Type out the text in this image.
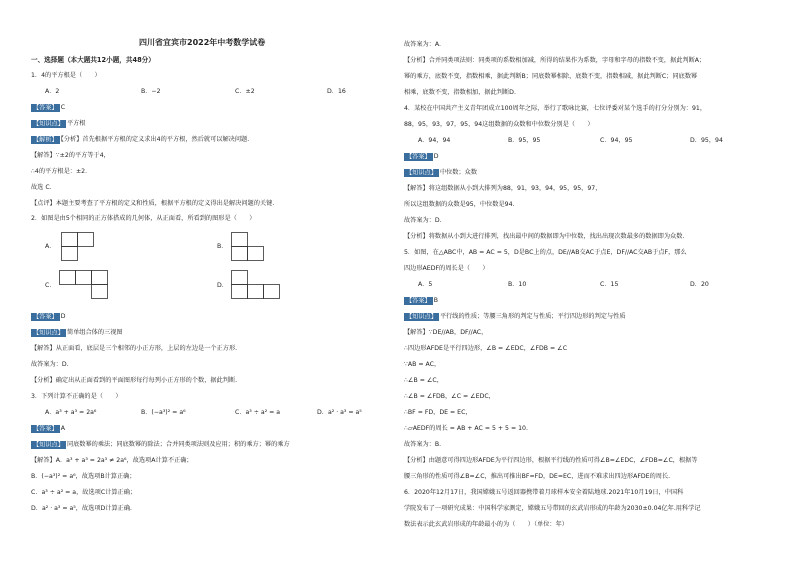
四川省宜宾市2022年中考数学试卷
一、选择题（本大题共12小题，共48分）
1．4的平方根是（　　）
A．2	B．−2	C．±2	D．16
【答案】 C
【知识点】 平方根
【解析】 【分析】首先根据平方根的定义求出4的平方根，然后就可以解决问题.
【解答】∵±2的平方等于4，
∴4的平方根是：±2．
故选 C．
【点评】本题主要考查了平方根的定义和性质，根据平方根的定义得出是解决问题的关键.
2．如图是由5个相同的正方体搭成的几何体，从正面看，所看到的图形是（　　）
A．	B．
C．	D．
【答案】 D
【知识点】 简单组合体的三视图
【解答】从正面看，底层是三个相邻的小正方形，上层的左边是一个正方形.
故答案为：D.
【分析】确定出从正面看到的平面图形每行每列小正方形的个数，据此判断.
3．下列计算不正确的是（　　）
A．a³ + a³ = 2a⁶	B．(−a³)² = a⁶	C．a³ ÷ a² = a	D．a² · a³ = a⁵
【答案】 A
【知识点】 同底数幂的乘法；同底数幂的除法；合并同类项法则及应用；积的乘方；幂的乘方
【解答】A．a³ + a³ = 2a³ ≠ 2a⁶，故选项A计算不正确；
B．(−a³)² = a⁶，故选项B计算正确；
C．a³ ÷ a² = a，故选项C计算正确；
D．a² · a³ = a⁵，故选项D计算正确.
故答案为：A.
【分析】合并同类项法则：同类项的系数相加减，所得的结果作为系数，字母和字母的指数不变，据此判断A；
幂的乘方，底数不变，指数相乘，据此判断B；同底数幂相除，底数不变，指数相减，据此判断C；同底数幂
相乘，底数不变，指数相加，据此判断D.
4．某校在中国共产主义青年团成立100周年之际，举行了歌咏比赛，七位评委对某个选手的打分分别为：91，
88，95，93，97，95，94这组数据的众数和中位数分别是（　　）
A．94，94	B．95，95	C．94，95	D．95，94
【答案】 D
【知识点】 中位数；众数
【解答】将这组数据从小到大排列为88，91，93，94，95，95，97，
所以这组数据的众数是95，中位数是94.
故答案为：D.
【分析】将数据从小到大进行排列，找出最中间的数据即为中位数，找出出现次数最多的数据即为众数.
5．如图，在△ABC中，AB = AC = 5，D是BC上的点，DE//AB交AC于点E，DF//AC交AB于点F，那么
四边形AEDF的周长是（　　）
A．5	B．10	C．15	D．20
【答案】 B
【知识点】 平行线的性质；等腰三角形的判定与性质；平行四边形的判定与性质
【解答】∵DE//AB，DF//AC，
∴四边形AFDE是平行四边形，∠B = ∠EDC，∠FDB = ∠C
∵AB = AC，
∴∠B = ∠C，
∴∠B = ∠FDB，∠C = ∠EDC，
∴BF = FD，DE = EC，
∴▱AEDF的周长 = AB + AC = 5 + 5 = 10.
故答案为：B.
【分析】由题意可得四边形AFDE为平行四边形，根据平行线的性质可得∠B=∠EDC，∠FDB=∠C，根据等
腰三角形的性质可得∠B=∠C，推出可推出BF=FD，DE=EC，进而不难求出四边形AFDE的周长.
6．2020年12月17日，我国嫦娥五号返回器携带着月球样本安全着陆地球.2021年10月19日，中国科
学院发布了一项研究成果：中国科学家测定，嫦娥五号带回的玄武岩形成的年龄为2030±0.04亿年.用科学记
数法表示此玄武岩形成的年龄最小的为（　　）（单位：年）
